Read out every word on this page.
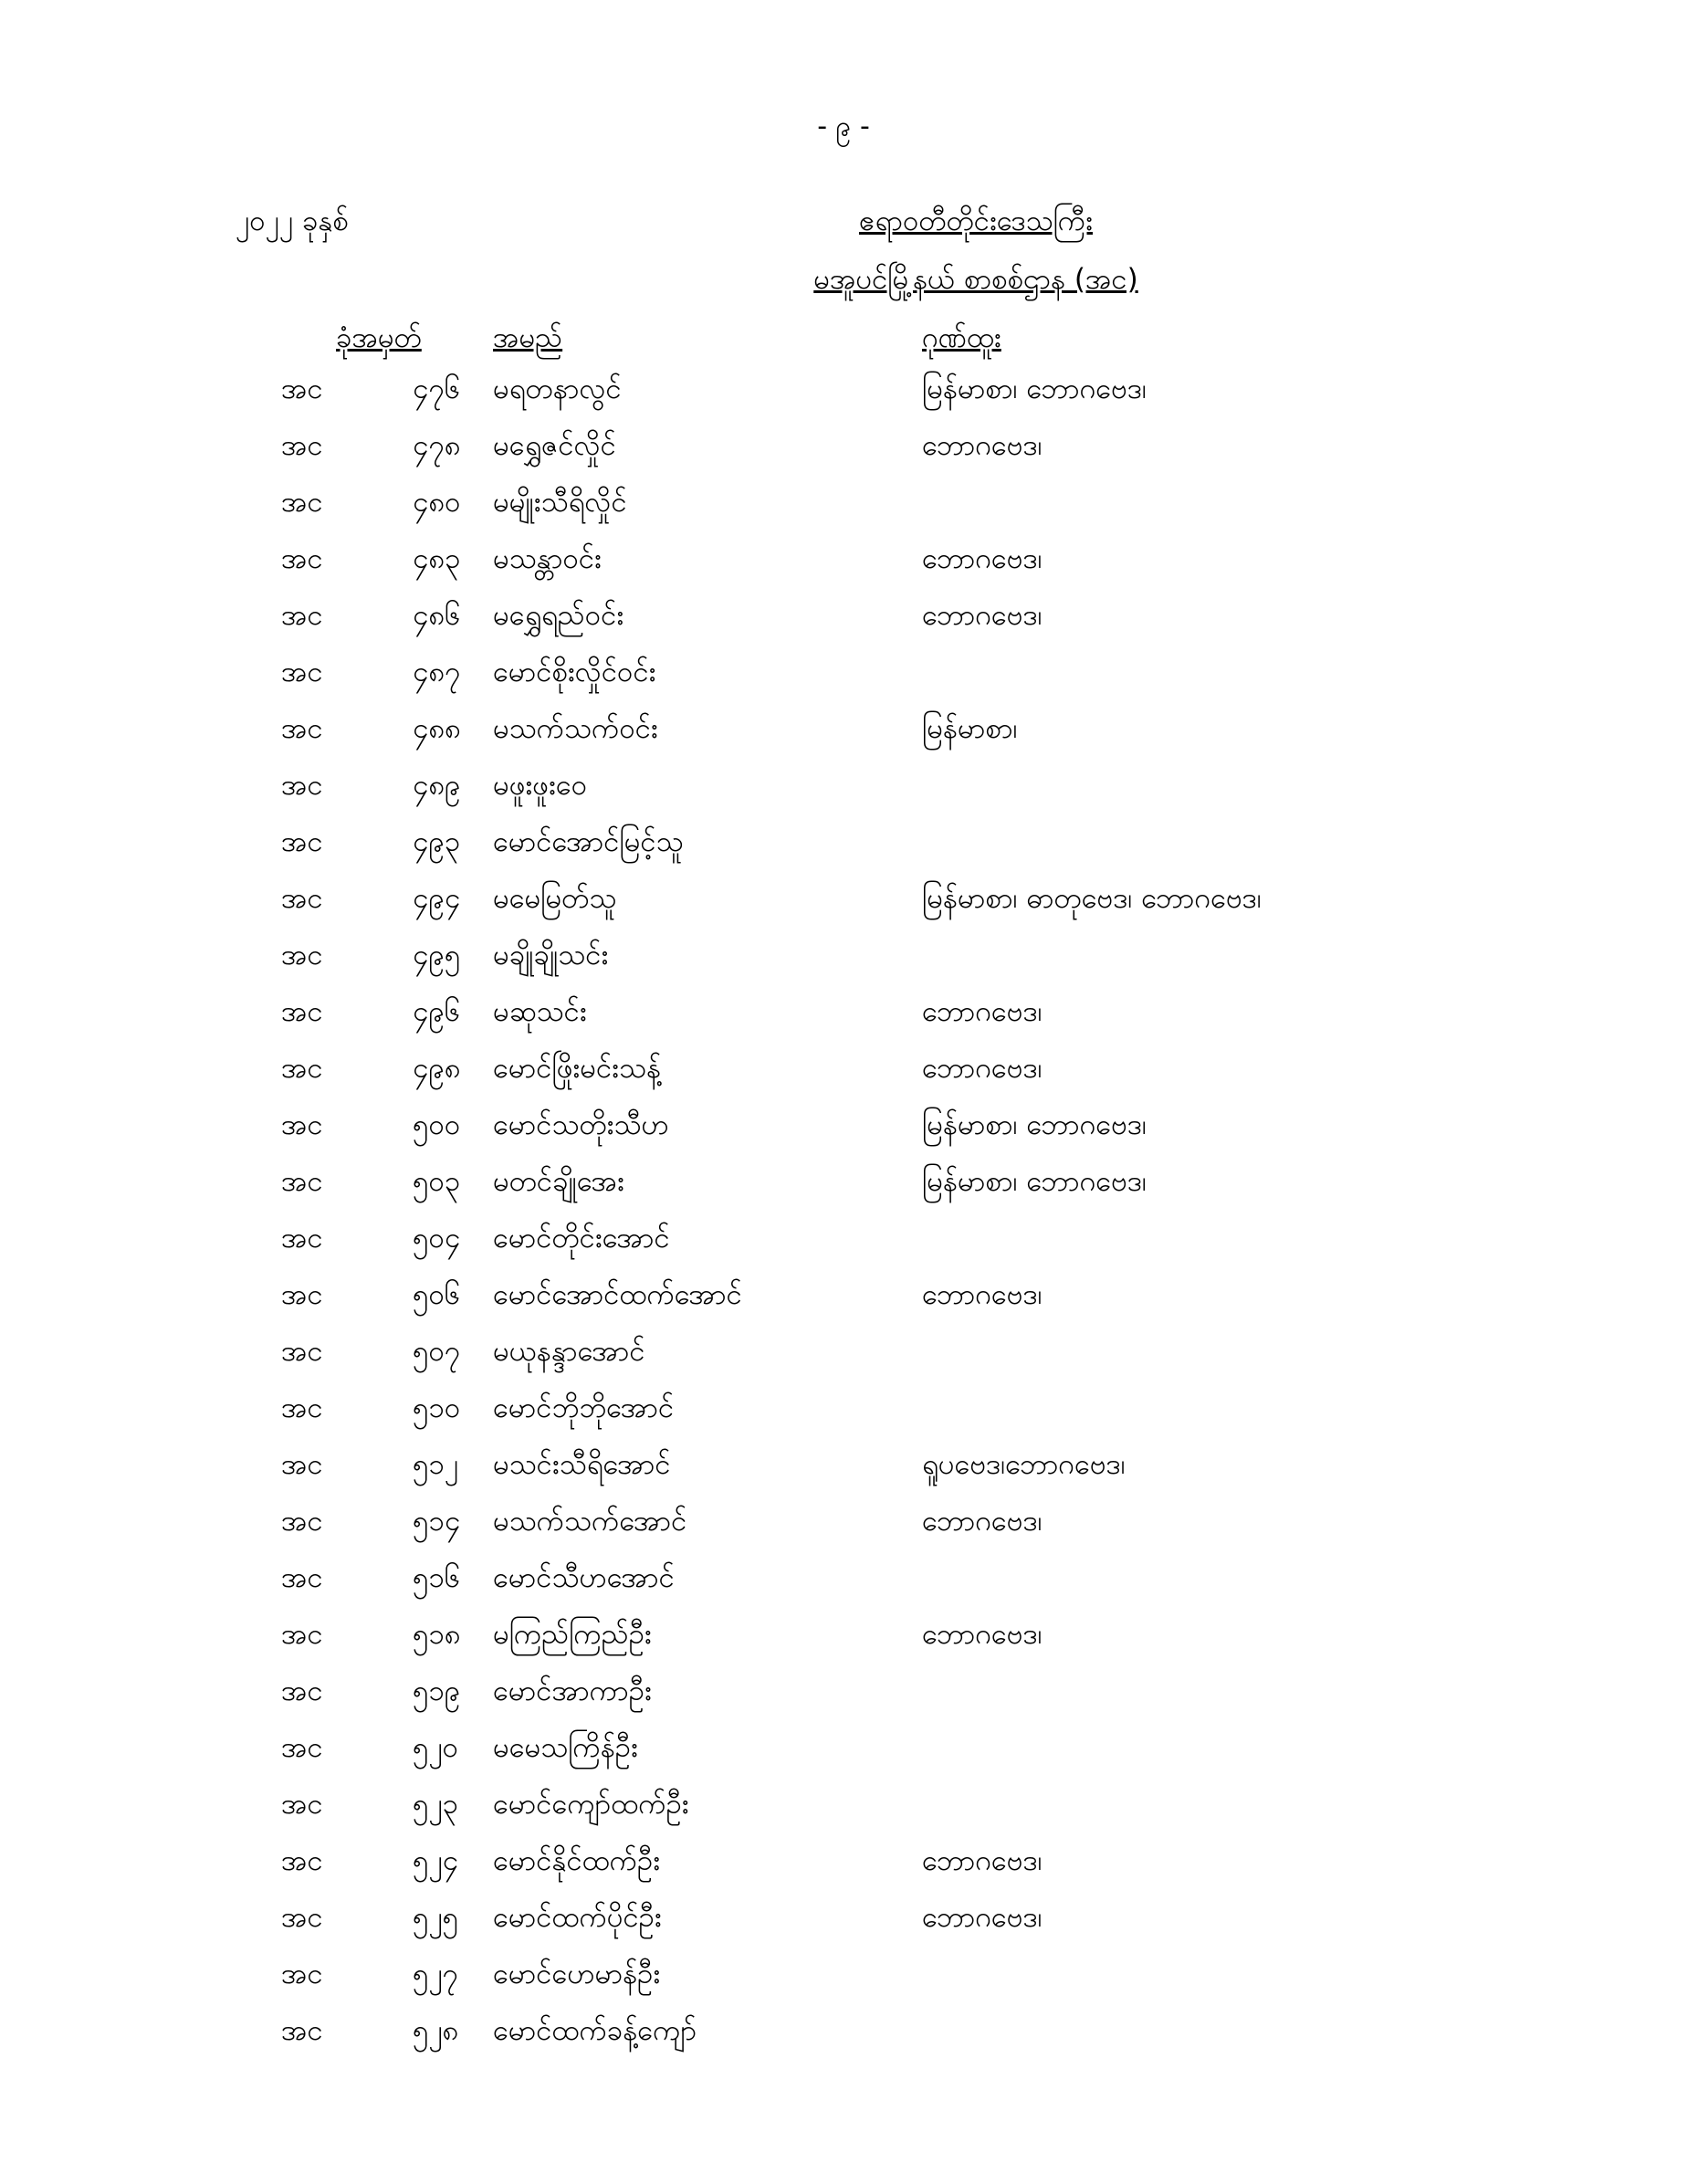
- ၉ -
၂၀၂၂ ခုနှစ်	ဧရာဝတီတိုင်းဒေသကြီး
မအူပင်မြို့နယ် စာစစ်ဌာန (အင)
ခုံအမှတ်	အမည်	ဂုဏ်ထူး
အင	၄၇၆ မရတနာလွင်	မြန်မာစာ၊ ဘောဂဗေဒ၊
အင	၄၇၈ မရွှေဇင်လှိုင်	ဘောဂဗေဒ၊
အင	၄၈၀ မမျိုးသီရိလှိုင်
အင	၄၈၃ မသန္တာဝင်း	ဘောဂဗေဒ၊
အင	၄၈၆ မရွှေရည်ဝင်း	ဘောဂဗေဒ၊
အင	၄၈၇ မောင်စိုးလှိုင်ဝင်း
အင	၄၈၈ မသက်သက်ဝင်း	မြန်မာစာ၊
အင	၄၈၉ မဖူးဖူးဝေ
အင	၄၉၃ မောင်အောင်မြင့်သူ
အင	၄၉၄ မမေမြတ်သူ	မြန်မာစာ၊ ဓာတုဗေဒ၊ ဘောဂဗေဒ၊
အင	၄၉၅ မချိုချိုသင်း
အင	၄၉၆ မဆုသင်း	ဘောဂဗေဒ၊
အင	၄၉၈ မောင်ဖြိုးမင်းသန့်	ဘောဂဗေဒ၊
အင	၅၀၀ မောင်သတိုးသီဟ	မြန်မာစာ၊ ဘောဂဗေဒ၊
အင	၅၀၃ မတင်ချိုအေး	မြန်မာစာ၊ ဘောဂဗေဒ၊
အင	၅၀၄ မောင်တိုင်းအောင်
အင	၅၀၆ မောင်အောင်ထက်အောင်	ဘောဂဗေဒ၊
အင	၅၀၇ မယုနန္ဒာအောင်
အင	၅၁၀ မောင်ဘိုဘိုအောင်
အင	၅၁၂ မသင်းသီရိအောင်	ရူပဗေဒ၊ဘောဂဗေဒ၊
အင	၅၁၄ မသက်သက်အောင်	ဘောဂဗေဒ၊
အင	၅၁၆ မောင်သီဟအောင်
အင	၅၁၈ မကြည်ကြည်ဦး	ဘောဂဗေဒ၊
အင	၅၁၉ မောင်အာကာဦး
အင	၅၂၀ မမေသကြိန်ဦး
အင	၅၂၃ မောင်ကျော်ထက်ဦး
အင	၅၂၄ မောင်နိုင်ထက်ဦး	ဘောဂဗေဒ၊
အင	၅၂၅ မောင်ထက်ပိုင်ဦး	ဘောဂဗေဒ၊
အင	၅၂၇ မောင်ဟေမာန်ဦး
အင	၅၂၈ မောင်ထက်ခန့်ကျော်
